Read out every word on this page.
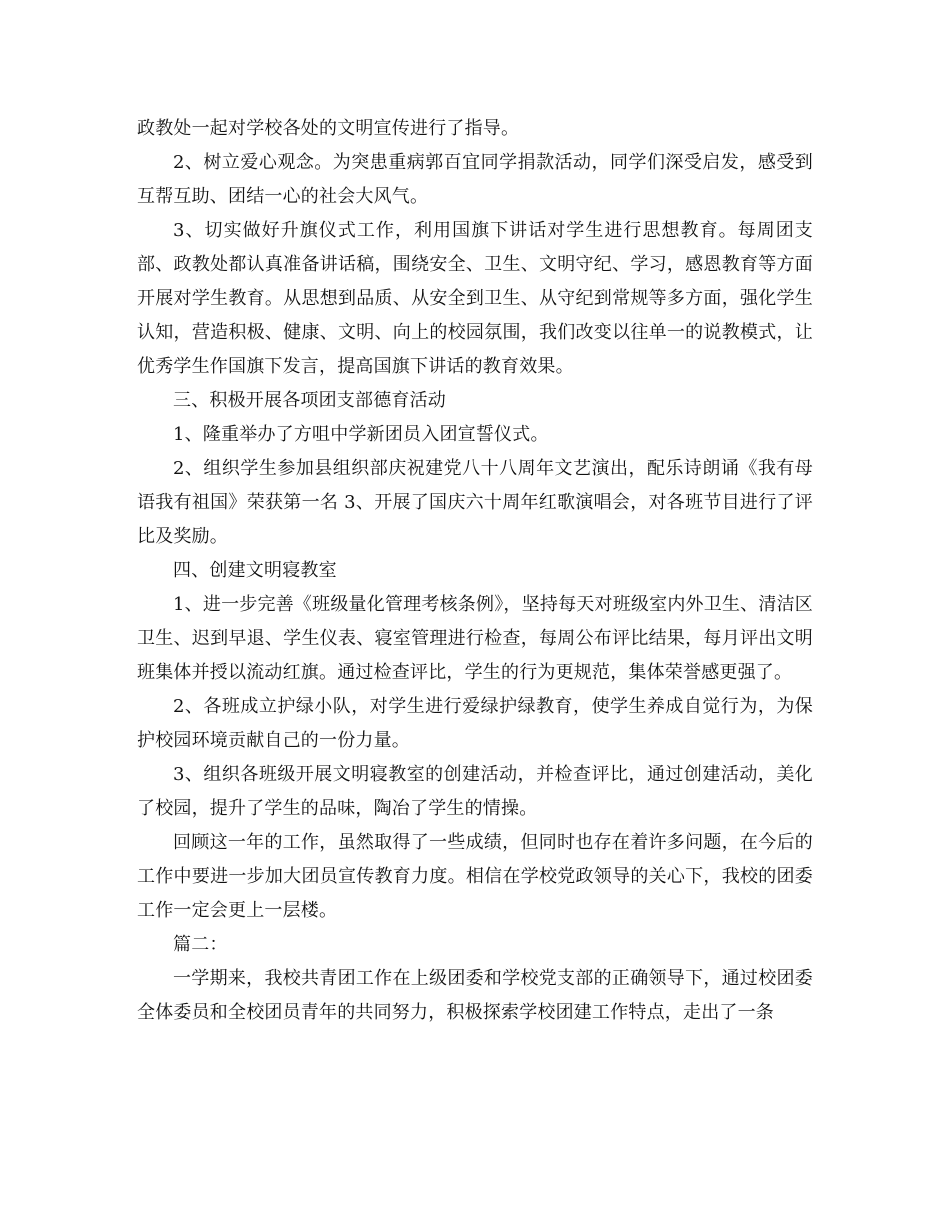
政教处一起对学校各处的文明宣传进行了指导。

2、树立爱心观念。为突患重病郭百宜同学捐款活动，同学们深受启发，感受到互帮互助、团结一心的社会大风气。

3、切实做好升旗仪式工作，利用国旗下讲话对学生进行思想教育。每周团支部、政教处都认真准备讲话稿，围绕安全、卫生、文明守纪、学习，感恩教育等方面开展对学生教育。从思想到品质、从安全到卫生、从守纪到常规等多方面，强化学生认知，营造积极、健康、文明、向上的校园氛围，我们改变以往单一的说教模式，让优秀学生作国旗下发言，提高国旗下讲话的教育效果。

三、积极开展各项团支部德育活动

1、隆重举办了方咀中学新团员入团宣誓仪式。

2、组织学生参加县组织部庆祝建党八十八周年文艺演出，配乐诗朗诵《我有母语我有祖国》荣获第一名 3、开展了国庆六十周年红歌演唱会，对各班节目进行了评比及奖励。

四、创建文明寝教室

1、进一步完善《班级量化管理考核条例》，坚持每天对班级室内外卫生、清洁区卫生、迟到早退、学生仪表、寝室管理进行检查，每周公布评比结果，每月评出文明班集体并授以流动红旗。通过检查评比，学生的行为更规范，集体荣誉感更强了。

2、各班成立护绿小队，对学生进行爱绿护绿教育，使学生养成自觉行为，为保护校园环境贡献自己的一份力量。

3、组织各班级开展文明寝教室的创建活动，并检查评比，通过创建活动，美化了校园，提升了学生的品味，陶冶了学生的情操。

回顾这一年的工作，虽然取得了一些成绩，但同时也存在着许多问题，在今后的工作中要进一步加大团员宣传教育力度。相信在学校党政领导的关心下，我校的团委工作一定会更上一层楼。

篇二：

一学期来，我校共青团工作在上级团委和学校党支部的正确领导下，通过校团委全体委员和全校团员青年的共同努力，积极探索学校团建工作特点，走出了一条
